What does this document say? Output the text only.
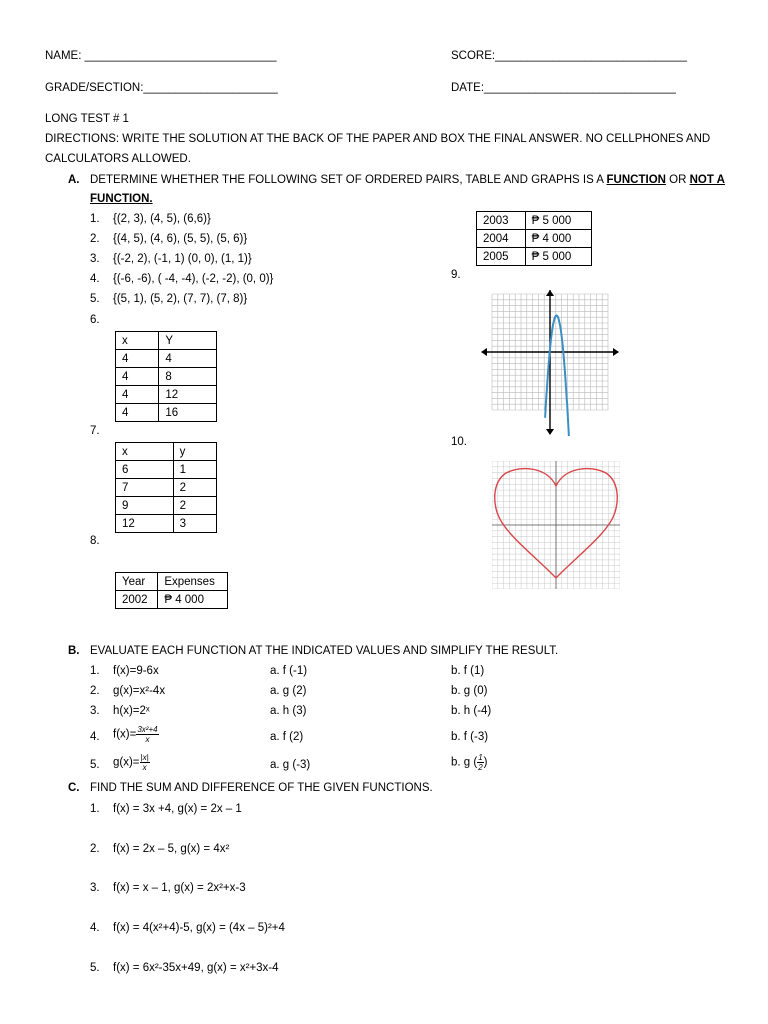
NAME: ______________________________	SCORE:______________________________
GRADE/SECTION:_____________________	DATE:______________________________
LONG TEST # 1
DIRECTIONS: WRITE THE SOLUTION AT THE BACK OF THE PAPER AND BOX THE FINAL ANSWER. NO CELLPHONES AND
CALCULATORS ALLOWED.
A. DETERMINE WHETHER THE FOLLOWING SET OF ORDERED PAIRS, TABLE AND GRAPHS IS A FUNCTION OR NOT A
FUNCTION.
1. {(2, 3), (4, 5), (6,6)}
2. {(4, 5), (4, 6), (5, 5), (5, 6)}
3. {(-2, 2), (-1, 1) (0, 0), (1, 1)}
4. {(-6, -6), ( -4, -4), (-2, -2), (0, 0)}
5. {(5, 1), (5, 2), (7, 7), (7, 8)}
6.
x	Y
4	4
4	8
4	12
4	16
7.
x	y
6	1
7	2
9	2
12	3
8.
Year	Expenses
2002	₱ 4 000
2003	₱ 5 000
2004	₱ 4 000
2005	₱ 5 000
9.
10.
B. EVALUATE EACH FUNCTION AT THE INDICATED VALUES AND SIMPLIFY THE RESULT.
1. f(x)=9-6x	a. f (-1)	b. f (1)
2. g(x)=x²-4x	a. g (2)	b. g (0)
3. h(x)=2ˣ	a. h (3)	b. h (-4)
4. $f(x)= \frac{\text{3x²+4}}{x}$	a. f (2)	b. f (-3)
5. $g(x)= \frac{|x|}{x}$	a. g (-3)	b. g ( $\frac{1}{2}$ )
C. FIND THE SUM AND DIFFERENCE OF THE GIVEN FUNCTIONS.
1. f(x) = 3x +4, g(x) = 2x – 1
2. f(x) = 2x – 5, g(x) = 4x²
3. f(x) = x – 1, g(x) = 2x²+x-3
4. f(x) = 4(x²+4)-5, g(x) = (4x – 5)²+4
5. f(x) = 6x²-35x+49, g(x) = x²+3x-4
